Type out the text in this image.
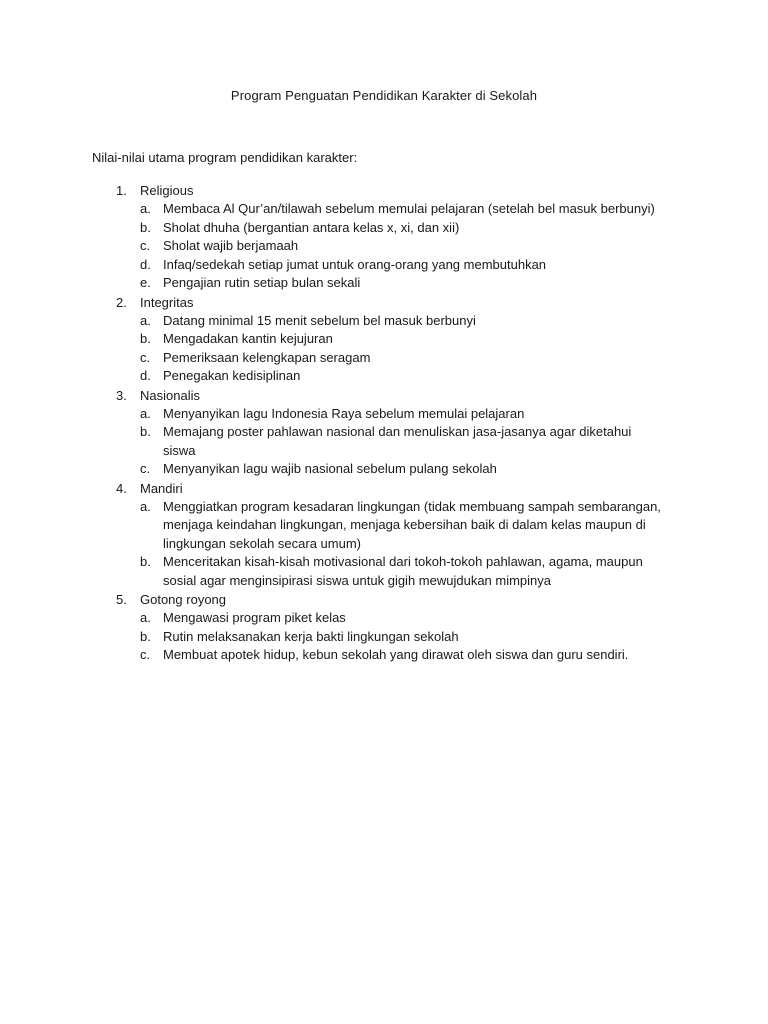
Program Penguatan Pendidikan Karakter di Sekolah
Nilai-nilai utama program pendidikan karakter:
1.	Religious
a. Membaca Al Qur’an/tilawah sebelum memulai pelajaran (setelah bel masuk berbunyi)
b. Sholat dhuha (bergantian antara kelas x, xi, dan xii)
c. Sholat wajib berjamaah
d. Infaq/sedekah setiap jumat untuk orang-orang yang membutuhkan
e. Pengajian rutin setiap bulan sekali
2.	Integritas
a. Datang minimal 15 menit sebelum bel masuk berbunyi
b. Mengadakan kantin kejujuran
c. Pemeriksaan kelengkapan seragam
d. Penegakan kedisiplinan
3.	Nasionalis
a. Menyanyikan lagu Indonesia Raya sebelum memulai pelajaran
b. Memajang poster pahlawan nasional dan menuliskan jasa-jasanya agar diketahui siswa
c. Menyanyikan lagu wajib nasional sebelum pulang sekolah
4.	Mandiri
a. Menggiatkan program kesadaran lingkungan (tidak membuang sampah sembarangan, menjaga keindahan lingkungan, menjaga kebersihan baik di dalam kelas maupun di lingkungan sekolah secara umum)
b. Menceritakan kisah-kisah motivasional dari tokoh-tokoh pahlawan, agama, maupun sosial agar menginsipirasi siswa untuk gigih mewujdukan mimpinya
5.	Gotong royong
a. Mengawasi program piket kelas
b. Rutin melaksanakan kerja bakti lingkungan sekolah
c. Membuat apotek hidup, kebun sekolah yang dirawat oleh siswa dan guru sendiri.
